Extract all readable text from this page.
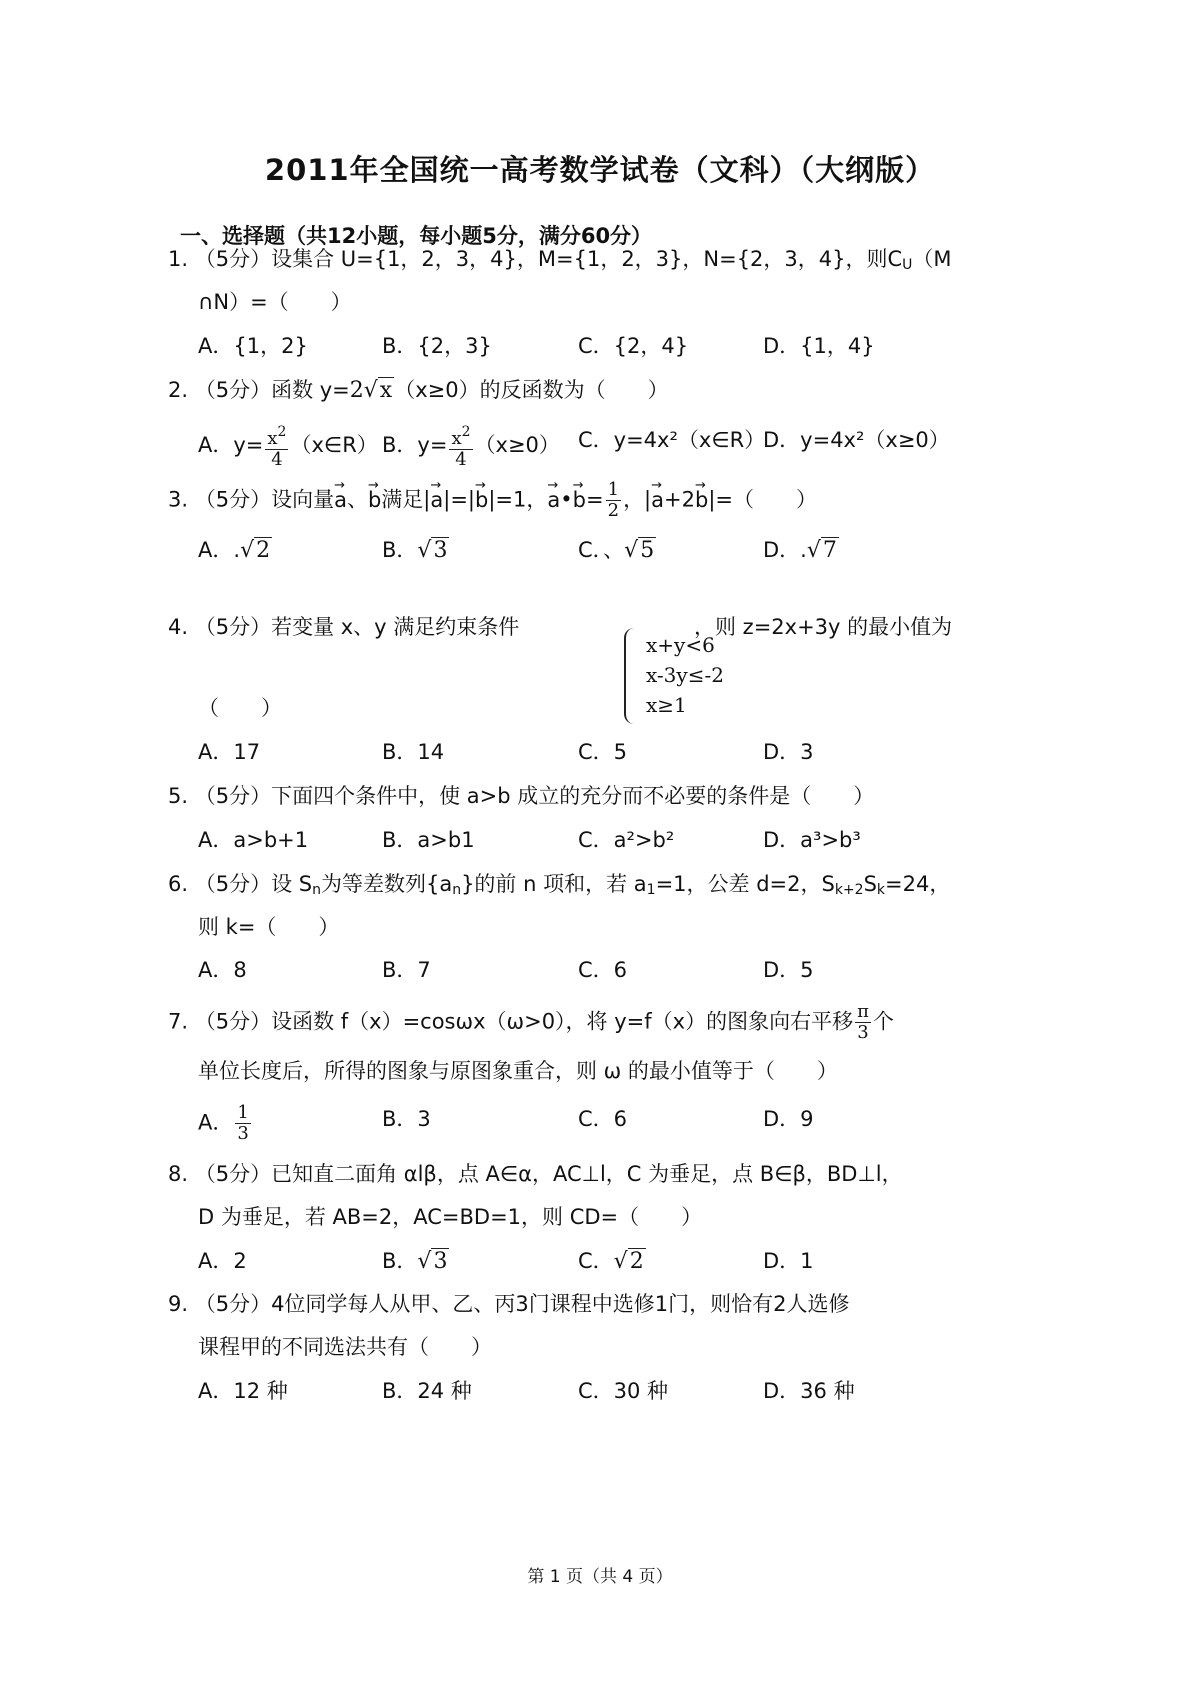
2011年全国统一高考数学试卷（文科）（大纲版）
一、选择题（共12小题，每小题5分，满分60分）
1. （5分）设集合 U={1，2，3，4}，M={1，2，3}，N={2，3，4}，则$C_U(M$
∩N）=（　　）
A．{1，2}	B．{2，3}	C．{2，4}	D．{1，4}
2. （5分）函数 y=2√x（x≥0）的反函数为（　　）
A．$y= \frac{x^2}{4}$ （x∈R） B．$y= \frac{x^2}{4} (x\ge 0)$ C．y=4x²（x∈R）
D．y=4x²（x≥0）
3. （5分）设向量→ a、→ b满足|→ a|=|→ b|=1，→ a•→ b=⁢ $\frac{1}{2}$ ，|→ a+2→ b|=（　　）
A．.√2	B．√3	C．、√5	D．.√7
4. （5分）若变量 x、y 满足约束条件
x+y<6
x-3y≤-2
x≥1
，则 z=2x+3y 的最小值为
（　　）
A．17	B．14	C．5	D．3
5. （5分）下面四个条件中，使 a>b 成立的充分而不必要的条件是（　　）
A．a>b+1	B．a>b⁢1	C．a²>b²	D．a³>b³
6. （5分）设 $S_n$为等差数列$\{a_n\}$的前 n 项和，若 $a_1=1$，公差 d=2，$S_{k+2}⁢S_k=24$，
则 k=（　　）
A．8	B．7	C．6	D．5
7. （5分）设函数 f（x）=cosωx（ω>0），将 y=f（x）的图象向右平移 $\frac{\pi}{3}$ 个
单位长度后，所得的图象与原图象重合，则 ω 的最小值等于（　　）
A． $\frac{1}{3}$	B．3	C．6	D．9
8. （5分）已知直二面角 α⁢l⁢β，点 A∈α，AC⊥l，C 为垂足，点 B∈β，BD⊥l，
D 为垂足，若 AB=2，AC=BD=1，则 CD=（　　）
A．2	B．√3	C．√2	D．1
9. （5分）4位同学每人从甲、乙、丙3门课程中选修1门，则恰有2人选修
课程甲的不同选法共有（　　）
A．12 种	B．24 种	C．30 种	D．36 种
第 1 页（共 4 页）
